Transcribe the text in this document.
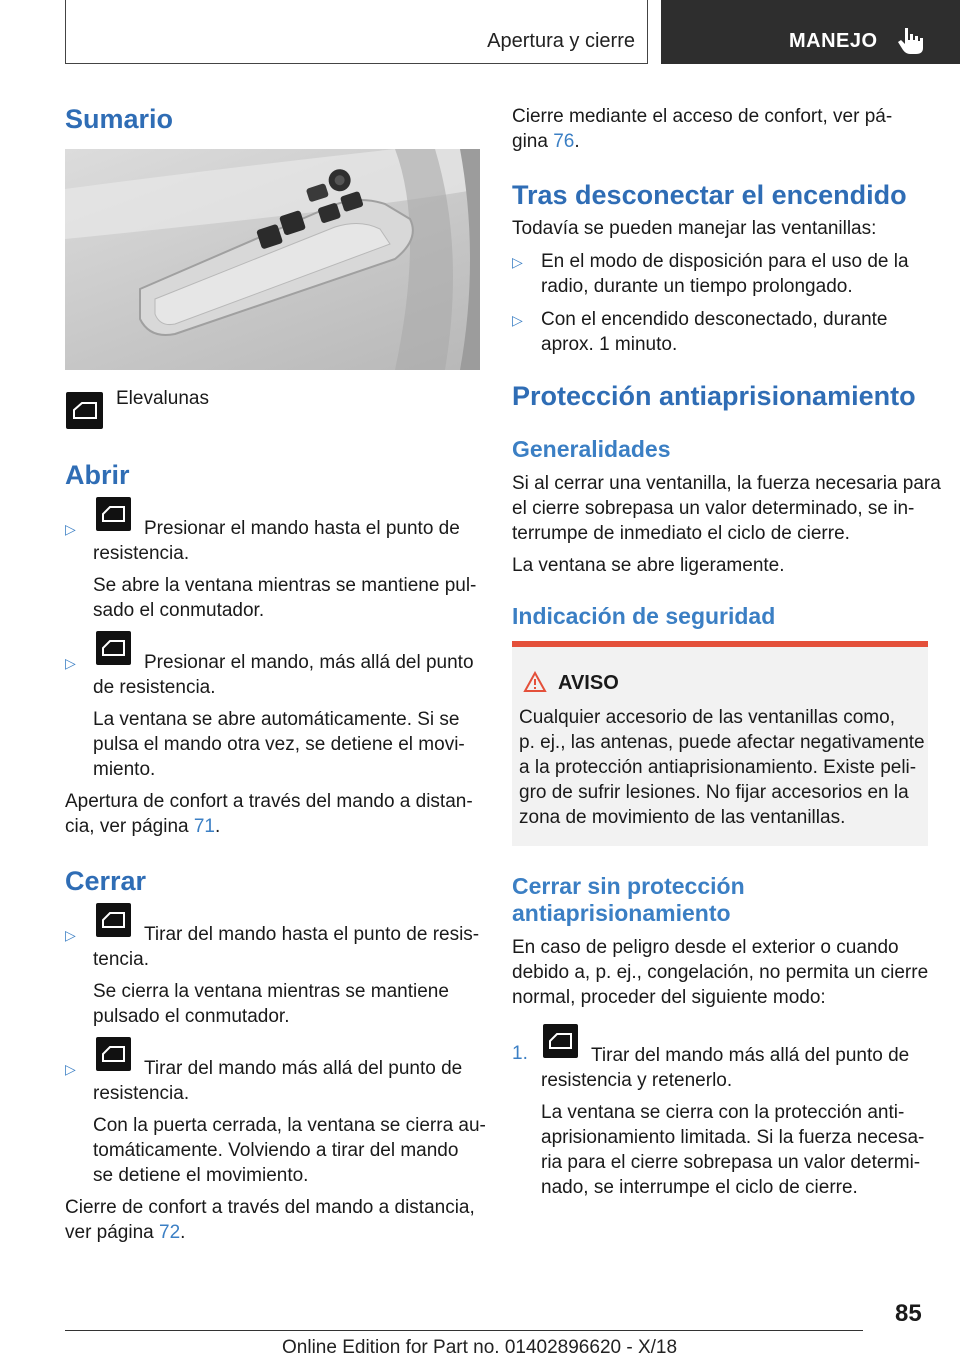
Apertura y cierre	MANEJO
Sumario

Elevalunas

Abrir
▷	Presionar el mando hasta el punto de

resistencia.

Se abre la ventana mientras se mantiene pul‐

sado el conmutador.

▷	Presionar el mando, más allá del punto

de resistencia.

La ventana se abre automáticamente. Si se

pulsa el mando otra vez, se detiene el movi‐

miento.

Apertura de confort a través del mando a distan‐

cia, ver página 71.

Cerrar
▷	Tirar del mando hasta el punto de resis‐

tencia.

Se cierra la ventana mientras se mantiene

pulsado el conmutador.

▷	Tirar del mando más allá del punto de

resistencia.

Con la puerta cerrada, la ventana se cierra au‐

tomáticamente. Volviendo a tirar del mando

se detiene el movimiento.

Cierre de confort a través del mando a distancia,

ver página 72.

Cierre mediante el acceso de confort, ver pá‐

gina 76.

Tras desconectar el encendido

Todavía se pueden manejar las ventanillas:

▷ En el modo de disposición para el uso de la

radio, durante un tiempo prolongado.

▷ Con el encendido desconectado, durante

aprox. 1 minuto.

Protección antiaprisionamiento
Generalidades

Si al cerrar una ventanilla, la fuerza necesaria para

el cierre sobrepasa un valor determinado, se in‐

terrumpe de inmediato el ciclo de cierre.

La ventana se abre ligeramente.

Indicación de seguridad
AVISO

Cualquier accesorio de las ventanillas como,

p. ej., las antenas, puede afectar negativamente

a la protección antiaprisionamiento. Existe peli‐

gro de sufrir lesiones. No fijar accesorios en la

zona de movimiento de las ventanillas.

Cerrar sin protección
antiaprisionamiento

En caso de peligro desde el exterior o cuando

debido a, p. ej., congelación, no permita un cierre

normal, proceder del siguiente modo:

1.	Tirar del mando más allá del punto de

resistencia y retenerlo.

La ventana se cierra con la protección anti‐

aprisionamiento limitada. Si la fuerza necesa‐

ria para el cierre sobrepasa un valor determi‐

nado, se interrumpe el ciclo de cierre.

85
Online Edition for Part no. 01402896620 - X/18
